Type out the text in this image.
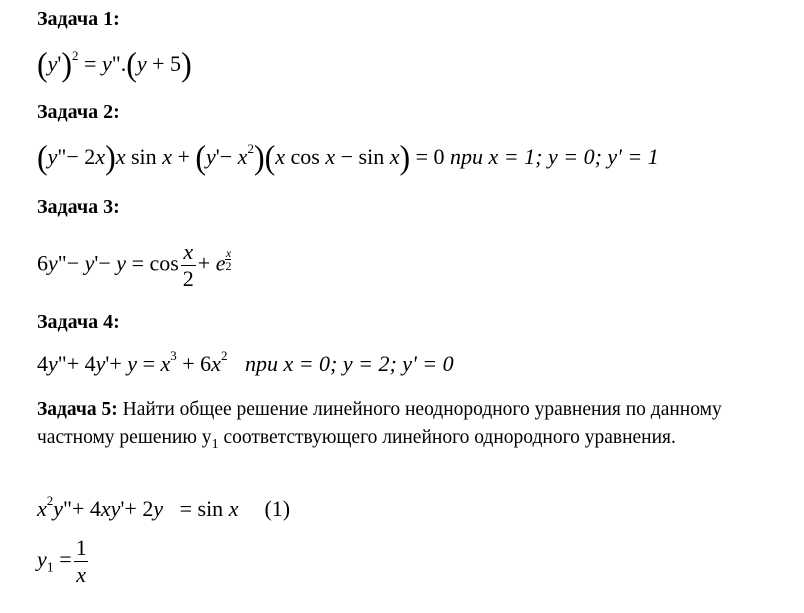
Задача 1:
$(y')^2$ = y".(y + 5)
Задача 2:
(y"− 2x)x $\sin x + (y'- x^2)(x$ cos x − sin x) = 0 при x = 1; y = 0; y' = 1
Задача 3:
6y"− $y'- y = \cos \frac{x}{2} + e \frac{x}{2}$
Задача 4:
4y"+ $4y'+ y = x^3 + 6x^2$ при x = 0; y = 2; y' = 0
Задача 5: Найти общее решение линейного неоднородного уравнения по данному частному решению $y_1$ соответствующего линейного однородного уравнения.
$x^2y"+ 4xy'+ 2y = \sin x$ (1)
$y_1 = \frac{1}{x}$
